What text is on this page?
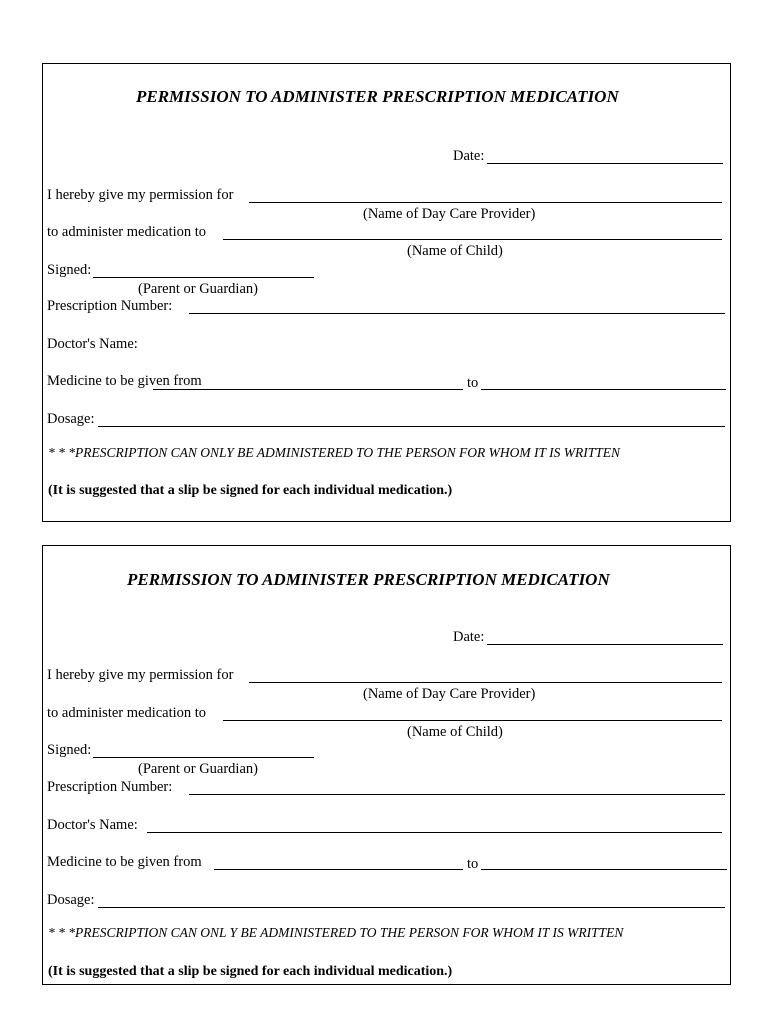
PERMISSION TO ADMINISTER PRESCRIPTION MEDICATION
Date:
I hereby give my permission for
(Name of Day Care Provider)
to administer medication to
(Name of Child)
Signed:
(Parent or Guardian)
Prescription Number:
Doctor's Name:
Medicine to be given from	to
Dosage:
* * *PRESCRIPTION CAN ONLY BE ADMINISTERED TO THE PERSON FOR WHOM IT IS WRITTEN
(It is suggested that a slip be signed for each individual medication.)
PERMISSION TO ADMINISTER PRESCRIPTION MEDICATION
Date:
I hereby give my permission for
(Name of Day Care Provider)
to administer medication to
(Name of Child)
Signed:
(Parent or Guardian)
Prescription Number:
Doctor's Name:
Medicine to be given from	to
Dosage:
* * *PRESCRIPTION CAN ONL Y BE ADMINISTERED TO THE PERSON FOR WHOM IT IS WRITTEN
(It is suggested that a slip be signed for each individual medication.)
